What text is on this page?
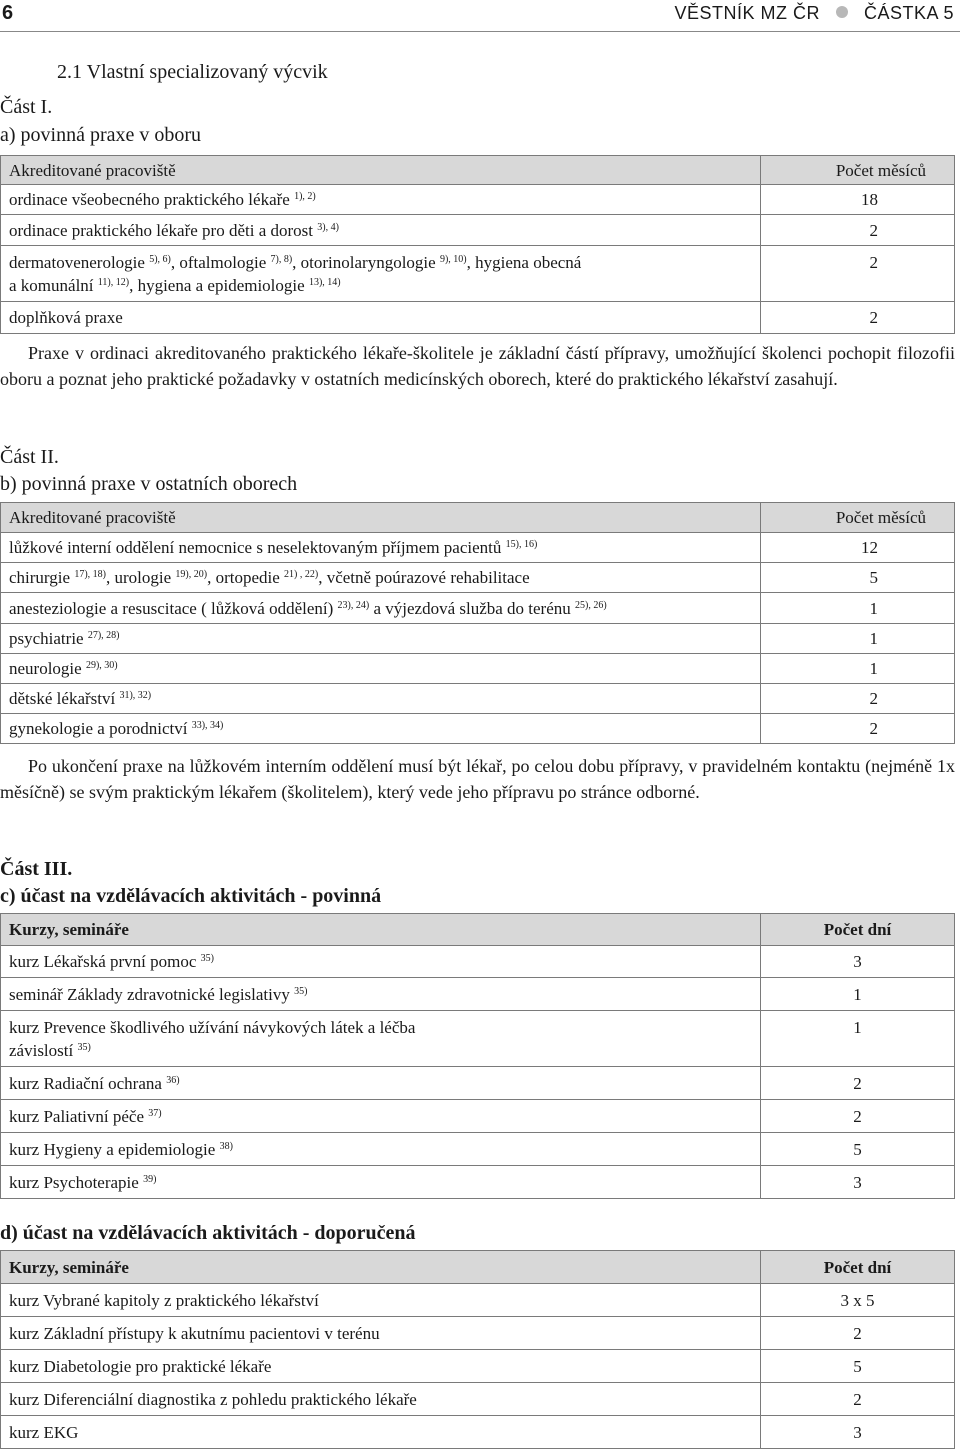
6	VĚSTNÍK MZ ČR ČÁSTKA 5
2.1 Vlastní specializovaný výcvik
Část I.
a) povinná praxe v oboru
Akreditované pracoviště	Počet měsíců
ordinace všeobecného praktického lékaře $^{1), 2)}$	18
ordinace praktického lékaře pro děti a dorost $^{3), 4)}$	2
dermatovenerologie $^{5), 6)}$, oftalmologie $^{7), 8)}$, otorinolaryngologie $^{9), 10)}$, hygiena obecná
a komunální $^{11), 12)}$, hygiena a epidemiologie $^{13), 14)}$	2
doplňková praxe	2
Praxe v ordinaci akreditovaného praktického lékaře-školitele je základní částí přípravy, umožňující školenci pochopit filozofii oboru a poznat jeho praktické požadavky v ostatních medicínských oborech, které do praktického lékařství zasahují.
Část II.
b) povinná praxe v ostatních oborech
Akreditované pracoviště	Počet měsíců
lůžkové interní oddělení nemocnice s neselektovaným příjmem pacientů $^{15), 16)}$	12
chirurgie $^{17), 18)}$, urologie $^{19), 20)}$, ortopedie $^{21) , 22)}$, včetně poúrazové rehabilitace	5
anesteziologie a resuscitace ( lůžková oddělení) $^{23), 24)}$ a výjezdová služba do terénu $^{25), 26)}$	1
psychiatrie $^{27), 28)}$	1
neurologie $^{29), 30)}$	1
dětské lékařství $^{31), 32)}$	2
gynekologie a porodnictví $^{33), 34)}$	2
Po ukončení praxe na lůžkovém interním oddělení musí být lékař, po celou dobu přípravy, v pravidelném kontaktu (nejméně 1x měsíčně) se svým praktickým lékařem (školitelem), který vede jeho přípravu po stránce odborné.
Část III.
c) účast na vzdělávacích aktivitách - povinná
Kurzy, semináře	Počet dní
kurz Lékařská první pomoc $^{35)}$	3
seminář Základy zdravotnické legislativy $^{35)}$	1
kurz Prevence škodlivého užívání návykových látek a léčba
závislostí $^{35)}$	1
kurz Radiační ochrana $^{36)}$	2
kurz Paliativní péče $^{37)}$	2
kurz Hygieny a epidemiologie $^{38)}$	5
kurz Psychoterapie $^{39)}$	3
d) účast na vzdělávacích aktivitách - doporučená
Kurzy, semináře	Počet dní
kurz Vybrané kapitoly z praktického lékařství	3 x 5
kurz Základní přístupy k akutnímu pacientovi v terénu	2
kurz Diabetologie pro praktické lékaře	5
kurz Diferenciální diagnostika z pohledu praktického lékaře	2
kurz EKG	3
